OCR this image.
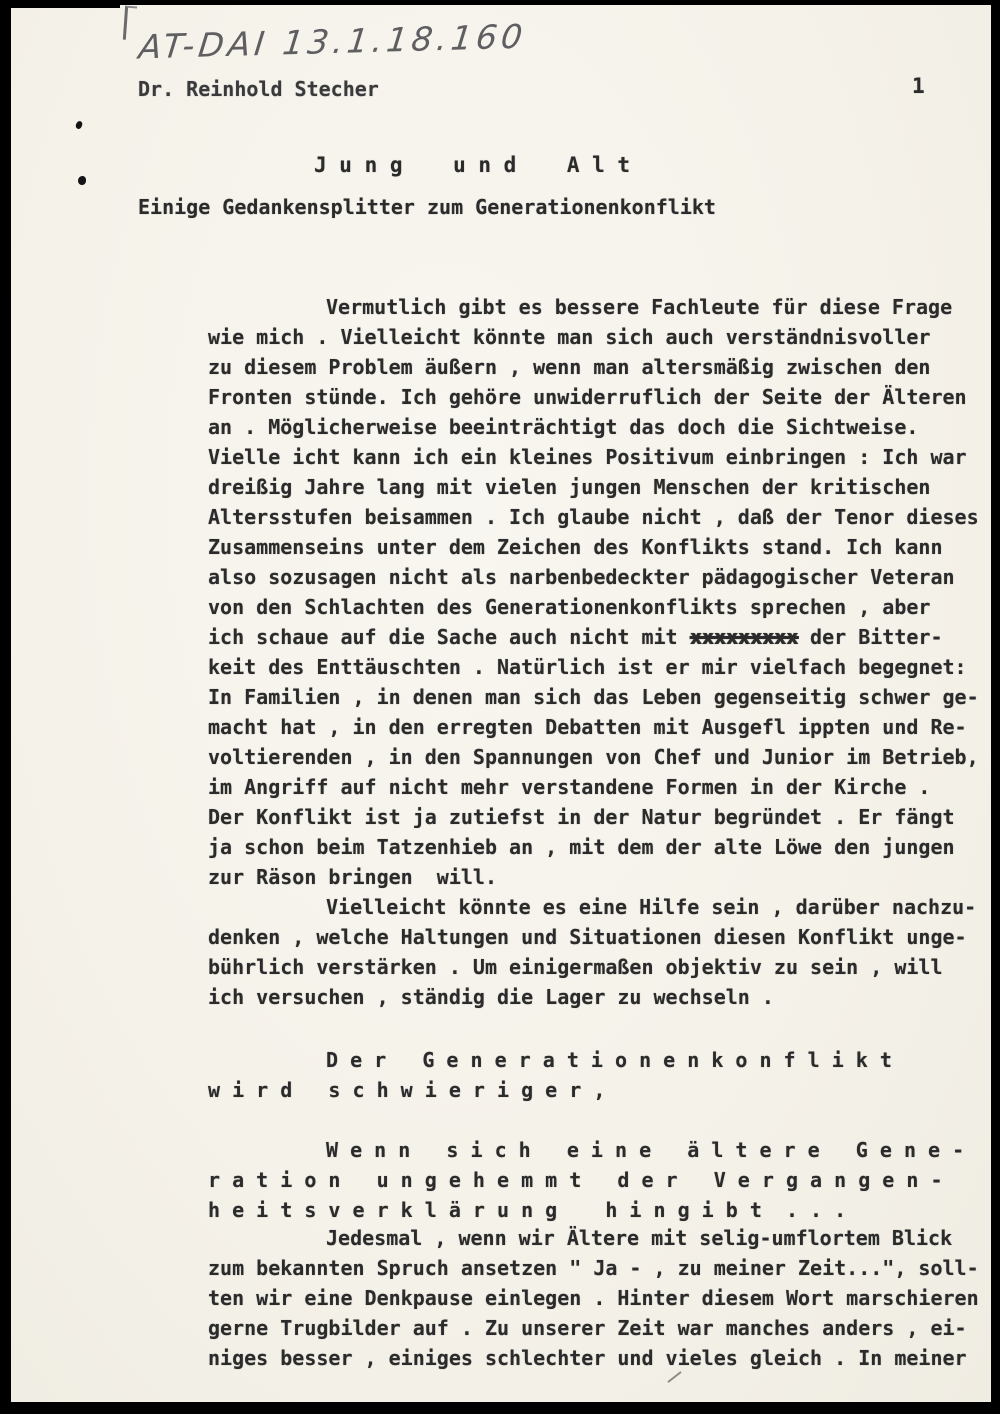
AT-DAI 13.1.18.160
Dr. Reinhold Stecher	1
J u n g    u n d    A l t
Einige Gedankensplitter zum Generationenkonflikt
Vermutlich gibt es bessere Fachleute für diese Frage
wie mich . Vielleicht könnte man sich auch verständnisvoller
zu diesem Problem äußern , wenn man altersmäßig zwischen den
Fronten stünde. Ich gehöre unwiderruflich der Seite der Älteren
an . Möglicherweise beeinträchtigt das doch die Sichtweise.
Vielle icht kann ich ein kleines Positivum einbringen : Ich war
dreißig Jahre lang mit vielen jungen Menschen der kritischen
Altersstufen beisammen . Ich glaube nicht , daß der Tenor dieses
Zusammenseins unter dem Zeichen des Konflikts stand. Ich kann
also sozusagen nicht als narbenbedeckter pädagogischer Veteran
von den Schlachten des Generationenkonflikts sprechen , aber
ich schaue auf die Sache auch nicht mit xxxxxxxxx der Bitter-
keit des Enttäuschten . Natürlich ist er mir vielfach begegnet:
In Familien , in denen man sich das Leben gegenseitig schwer ge-
macht hat , in den erregten Debatten mit Ausgefl ippten und Re-
voltierenden , in den Spannungen von Chef und Junior im Betrieb,
im Angriff auf nicht mehr verstandene Formen in der Kirche .
Der Konflikt ist ja zutiefst in der Natur begründet . Er fängt
ja schon beim Tatzenhieb an , mit dem der alte Löwe den jungen
zur Räson bringen  will.
Vielleicht könnte es eine Hilfe sein , darüber nachzu-
denken , welche Haltungen und Situationen diesen Konflikt unge-
bührlich verstärken . Um einigermaßen objektiv zu sein , will
ich versuchen , ständig die Lager zu wechseln .
D e r   G e n e r a t i o n e n k o n f l i k t
w i r d   s c h w i e r i g e r ,
W e n n   s i c h   e i n e   ä l t e r e   G e n e -
r a t i o n   u n g e h e m m t   d e r   V e r g a n g e n -
h e i t s v e r k l ä r u n g    h i n g i b t  . . .
Jedesmal , wenn wir Ältere mit selig-umflortem Blick
zum bekannten Spruch ansetzen " Ja - , zu meiner Zeit...", soll-
ten wir eine Denkpause einlegen . Hinter diesem Wort marschieren
gerne Trugbilder auf . Zu unserer Zeit war manches anders , ei-
niges besser , einiges schlechter und vieles gleich . In meiner
